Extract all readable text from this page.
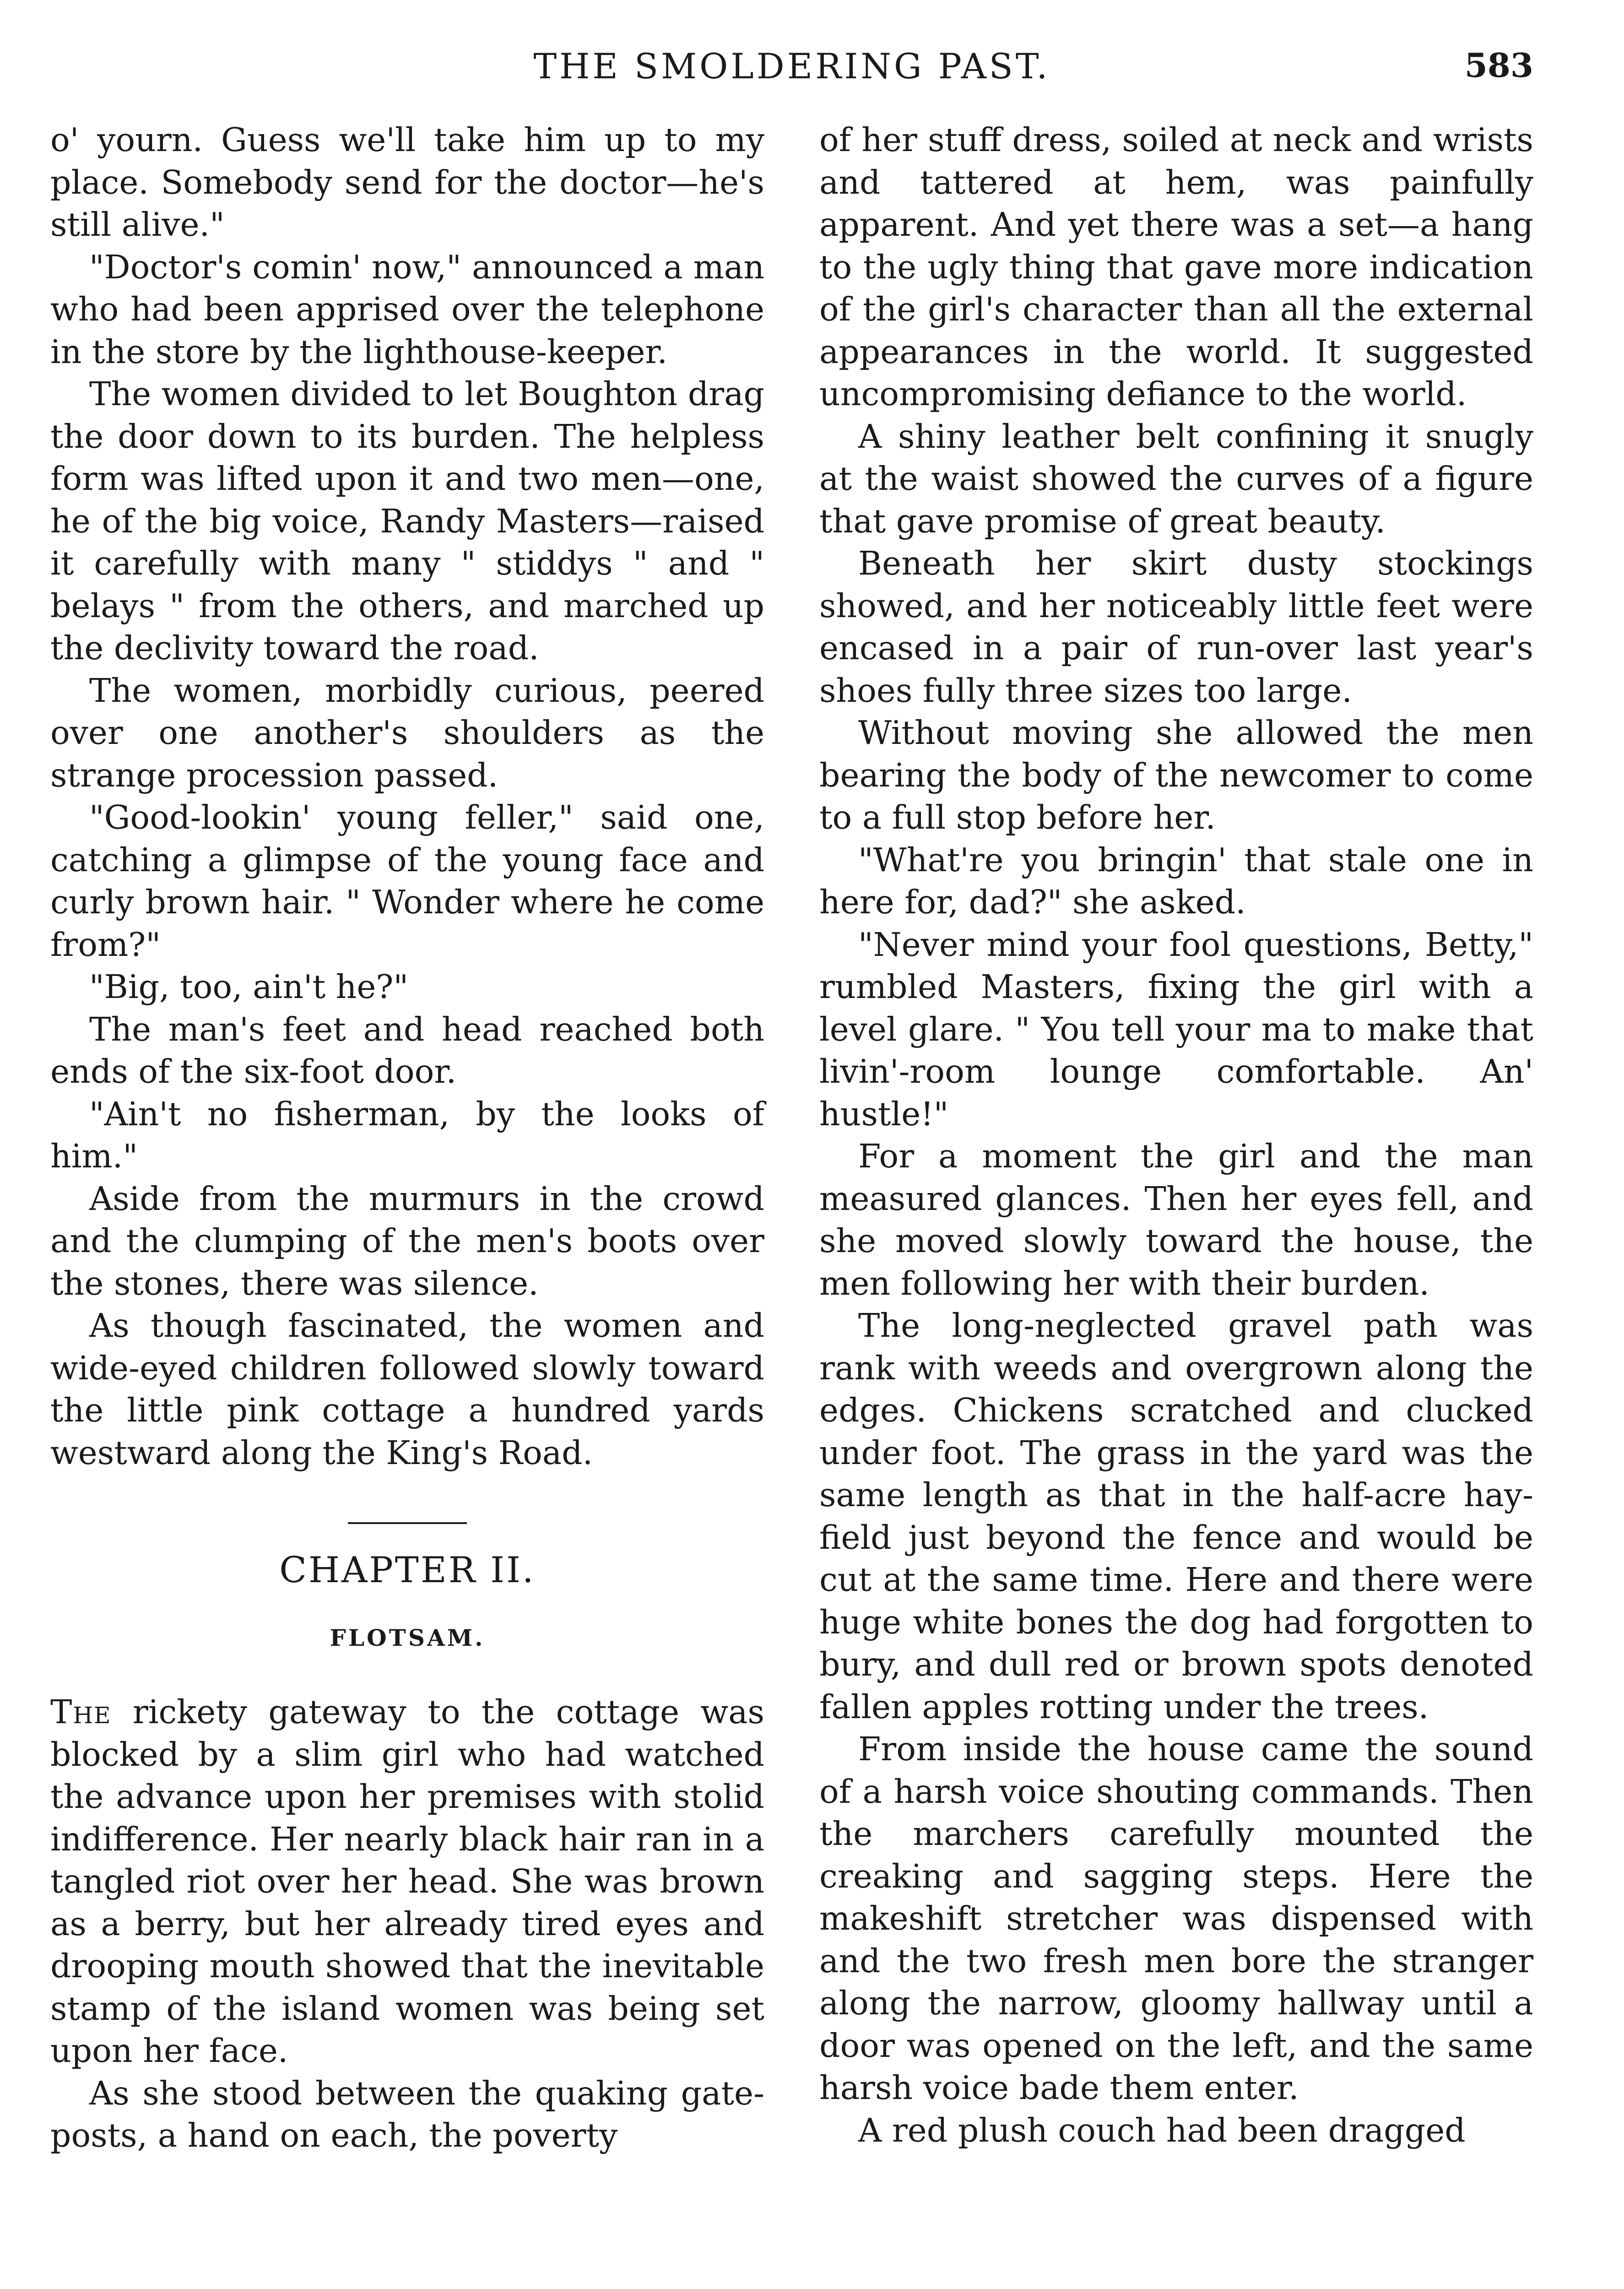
THE SMOLDERING PAST.	583

o' yourn. Guess we'll take him up to my place. Somebody send for the doctor—he's still alive."

"Doctor's comin' now," announced a man who had been apprised over the telephone in the store by the lighthouse-keeper.

The women divided to let Boughton drag the door down to its burden. The helpless form was lifted upon it and two men—one, he of the big voice, Randy Masters—raised it carefully with many " stiddys " and " belays " from the others, and marched up the declivity toward the road.

The women, morbidly curious, peered over one another's shoulders as the strange procession passed.

"Good-lookin' young feller," said one, catching a glimpse of the young face and curly brown hair. " Wonder where he come from?"

"Big, too, ain't he?"

The man's feet and head reached both ends of the six-foot door.

"Ain't no fisherman, by the looks of him."

Aside from the murmurs in the crowd and the clumping of the men's boots over the stones, there was silence.

As though fascinated, the women and wide-eyed children followed slowly toward the little pink cottage a hundred yards westward along the King's Road.

CHAPTER II.
FLOTSAM.

The rickety gateway to the cottage was blocked by a slim girl who had watched the advance upon her premises with stolid indifference. Her nearly black hair ran in a tangled riot over her head. She was brown as a berry, but her already tired eyes and drooping mouth showed that the inevitable stamp of the island women was being set upon her face.

As she stood between the quaking gate-posts, a hand on each, the poverty

of her stuff dress, soiled at neck and wrists and tattered at hem, was painfully apparent. And yet there was a set—a hang to the ugly thing that gave more indication of the girl's character than all the external appearances in the world. It suggested uncompromising defiance to the world.

A shiny leather belt confining it snugly at the waist showed the curves of a figure that gave promise of great beauty.

Beneath her skirt dusty stockings showed, and her noticeably little feet were encased in a pair of run-over last year's shoes fully three sizes too large.

Without moving she allowed the men bearing the body of the newcomer to come to a full stop before her.

"What're you bringin' that stale one in here for, dad?" she asked.

"Never mind your fool questions, Betty," rumbled Masters, fixing the girl with a level glare. " You tell your ma to make that livin'-room lounge comfortable. An' hustle!"

For a moment the girl and the man measured glances. Then her eyes fell, and she moved slowly toward the house, the men following her with their burden.

The long-neglected gravel path was rank with weeds and overgrown along the edges. Chickens scratched and clucked under foot. The grass in the yard was the same length as that in the half-acre hay-field just beyond the fence and would be cut at the same time. Here and there were huge white bones the dog had forgotten to bury, and dull red or brown spots denoted fallen apples rotting under the trees.

From inside the house came the sound of a harsh voice shouting commands. Then the marchers carefully mounted the creaking and sagging steps. Here the makeshift stretcher was dispensed with and the two fresh men bore the stranger along the narrow, gloomy hallway until a door was opened on the left, and the same harsh voice bade them enter.

A red plush couch had been dragged
